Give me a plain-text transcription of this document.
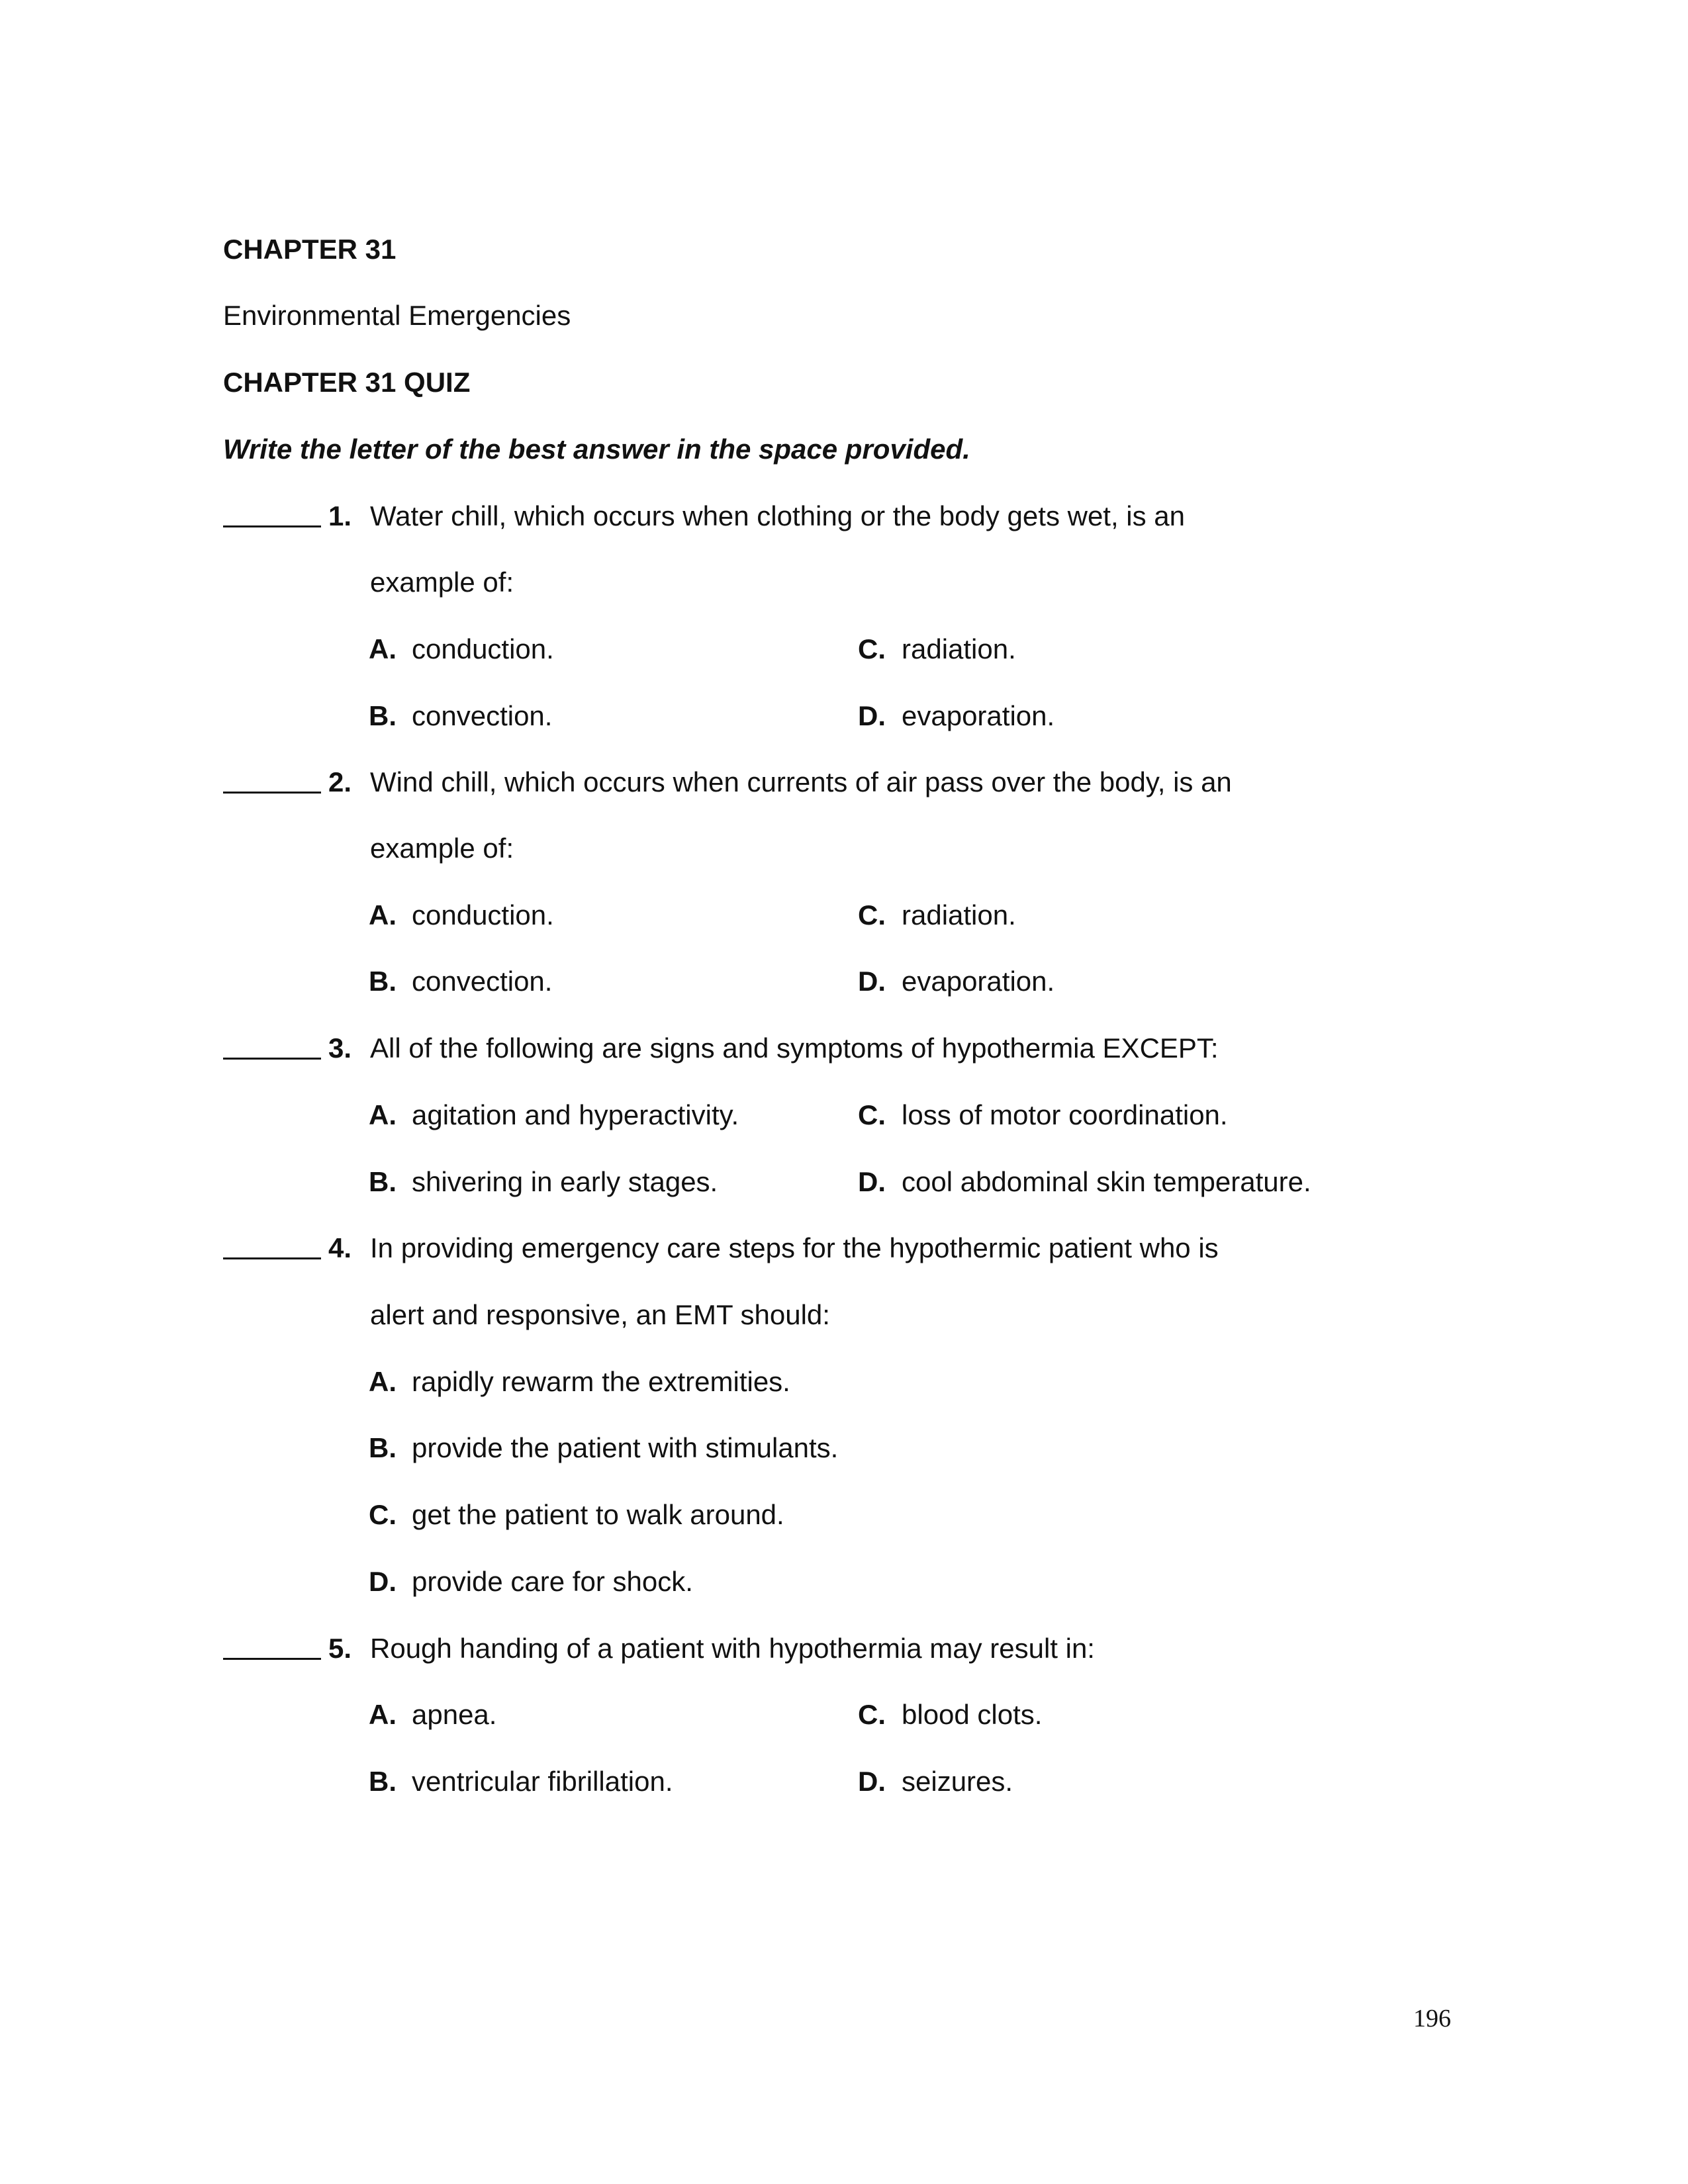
CHAPTER 31
Environmental Emergencies
CHAPTER 31 QUIZ
Write the letter of the best answer in the space provided.
1. Water chill, which occurs when clothing or the body gets wet, is an
example of:
A. conduction.	C. radiation.
B. convection.	D. evaporation.
2. Wind chill, which occurs when currents of air pass over the body, is an
example of:
A. conduction.	C. radiation.
B. convection.	D. evaporation.
3. All of the following are signs and symptoms of hypothermia EXCEPT:
A. agitation and hyperactivity.	C. loss of motor coordination.
B. shivering in early stages.	D. cool abdominal skin temperature.
4. In providing emergency care steps for the hypothermic patient who is
alert and responsive, an EMT should:
A. rapidly rewarm the extremities.
B. provide the patient with stimulants.
C. get the patient to walk around.
D. provide care for shock.
5. Rough handing of a patient with hypothermia may result in:
A. apnea.	C. blood clots.
B. ventricular fibrillation.	D. seizures.
196
